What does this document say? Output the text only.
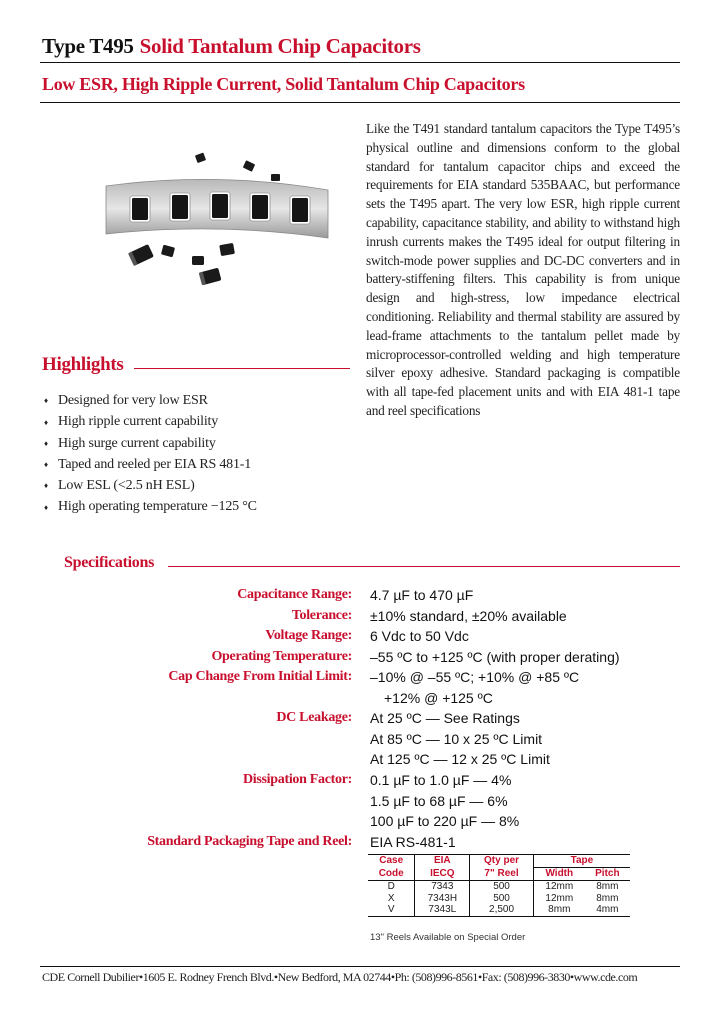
Type T495 Solid Tantalum Chip Capacitors
Low ESR, High Ripple Current, Solid Tantalum Chip Capacitors

Like the T491 standard tantalum capacitors the Type T495’s physical outline and dimensions conform to the global standard for tantalum capacitor chips and exceed the requirements for EIA standard 535BAAC, but performance sets the T495 apart. The very low ESR, high ripple current capability, capacitance stability, and ability to withstand high inrush currents makes the T495 ideal for output filtering in switch-mode power supplies and DC-DC converters and in battery-stiffening filters. This capability is from unique design and high-stress, low impedance electrical conditioning. Reliability and thermal stability are assured by lead-frame attachments to the tantalum pellet made by microprocessor-controlled welding and high temperature silver epoxy adhesive. Standard packaging is compatible with all tape-fed placement units and with EIA 481-1 tape and reel specifications

Highlights
♦ Designed for very low ESR
♦ High ripple current capability
♦ High surge current capability
♦ Taped and reeled per EIA RS 481-1
♦ Low ESL (<2.5 nH ESL)
♦ High operating temperature −125 °C
Specifications
Capacitance Range: 4.7 µF to 470 µF
Tolerance: ±10% standard, ±20% available
Voltage Range: 6 Vdc to 50 Vdc
Operating Temperature: –55 ºC to +125 ºC (with proper derating)
Cap Change From Initial Limit: –10% @ –55 ºC; +10% @ +85 ºC
+12% @ +125 ºC
DC Leakage: At 25 ºC — See Ratings
At 85 ºC — 10 x 25 ºC Limit
At 125 ºC — 12 x 25 ºC Limit
Dissipation Factor: 0.1 µF to 1.0 µF — 4%
1.5 µF to 68 µF — 6%
100 µF to 220 µF — 8%
Standard Packaging Tape and Reel: EIA RS-481-1
Case	EIA	Qty per	Tape	
Code	IECQ	7" Reel	Width	Pitch
D	7343	500	12mm	8mm
X	7343H	500	12mm	8mm
V	7343L	2,500	8mm	4mm
13" Reels Available on Special Order
CDE Cornell Dubilier•1605 E. Rodney French Blvd.•New Bedford, MA 02744•Ph: (508)996-8561•Fax: (508)996-3830•www.cde.com
